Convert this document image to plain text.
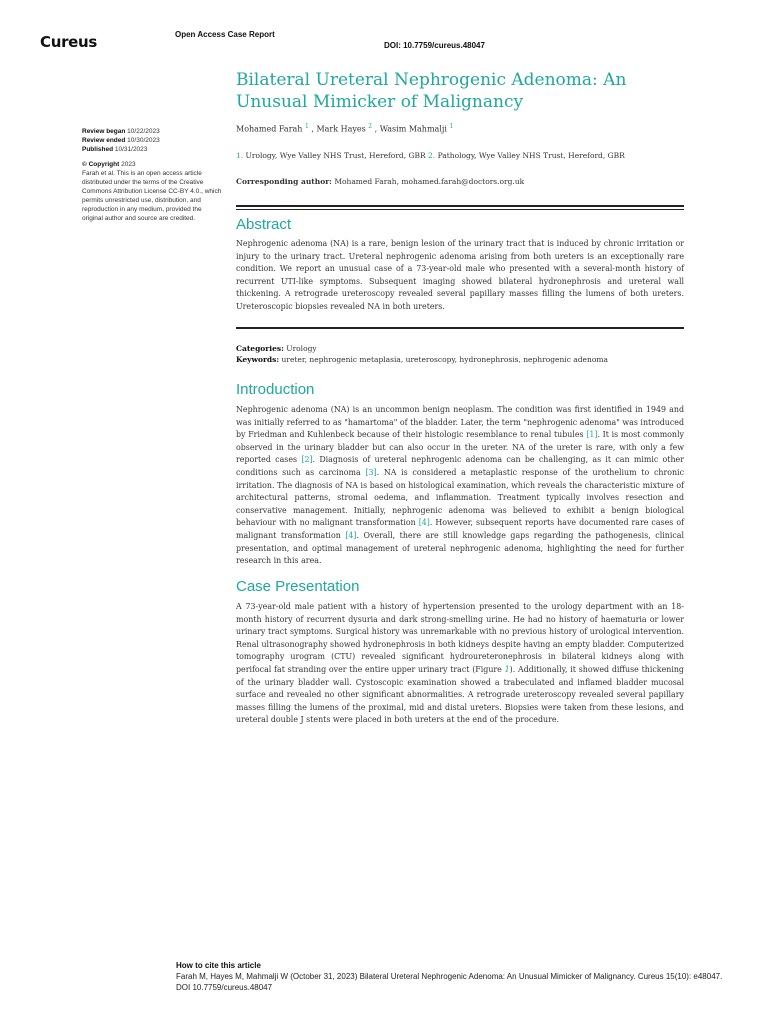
Cureus	Open Access Case Report
DOI: 10.7759/cureus.48047
Bilateral Ureteral Nephrogenic Adenoma: An Unusual Mimicker of Malignancy
Mohamed Farah $^1$ , Mark Hayes $^2$ , Wasim Mahmalji $^1$
1. Urology, Wye Valley NHS Trust, Hereford, GBR 2. Pathology, Wye Valley NHS Trust, Hereford, GBR
Corresponding author: Mohamed Farah, mohamed.farah@doctors.org.uk
Review began 10/22/2023
Review ended 10/30/2023
Published 10/31/2023
© Copyright 2023
Farah et al. This is an open access article distributed under the terms of the Creative Commons Attribution License CC-BY 4.0., which permits unrestricted use, distribution, and reproduction in any medium, provided the original author and source are credited.	Abstract

Nephrogenic adenoma (NA) is a rare, benign lesion of the urinary tract that is induced by chronic irritation or injury to the urinary tract. Ureteral nephrogenic adenoma arising from both ureters is an exceptionally rare condition. We report an unusual case of a 73-year-old male who presented with a several-month history of recurrent UTI-like symptoms. Subsequent imaging showed bilateral hydronephrosis and ureteral wall thickening. A retrograde ureteroscopy revealed several papillary masses filling the lumens of both ureters. Ureteroscopic biopsies revealed NA in both ureters.

Categories: Urology
Keywords: ureter, nephrogenic metaplasia, ureteroscopy, hydronephrosis, nephrogenic adenoma
Introduction

Nephrogenic adenoma (NA) is an uncommon benign neoplasm. The condition was first identified in 1949 and was initially referred to as "hamartoma" of the bladder. Later, the term "nephrogenic adenoma" was introduced by Friedman and Kuhlenbeck because of their histologic resemblance to renal tubules [1]. It is most commonly observed in the urinary bladder but can also occur in the ureter. NA of the ureter is rare, with only a few reported cases [2]. Diagnosis of ureteral nephrogenic adenoma can be challenging, as it can mimic other conditions such as carcinoma [3]. NA is considered a metaplastic response of the urothelium to chronic irritation. The diagnosis of NA is based on histological examination, which reveals the characteristic mixture of architectural patterns, stromal oedema, and inflammation. Treatment typically involves resection and conservative management. Initially, nephrogenic adenoma was believed to exhibit a benign biological behaviour with no malignant transformation [4]. However, subsequent reports have documented rare cases of malignant transformation [4]. Overall, there are still knowledge gaps regarding the pathogenesis, clinical presentation, and optimal management of ureteral nephrogenic adenoma, highlighting the need for further research in this area.

Case Presentation

A 73-year-old male patient with a history of hypertension presented to the urology department with an 18-month history of recurrent dysuria and dark strong-smelling urine. He had no history of haematuria or lower urinary tract symptoms. Surgical history was unremarkable with no previous history of urological intervention. Renal ultrasonography showed hydronephrosis in both kidneys despite having an empty bladder. Computerized tomography urogram (CTU) revealed significant hydroureteronephrosis in bilateral kidneys along with perifocal fat stranding over the entire upper urinary tract (Figure 1). Additionally, it showed diffuse thickening of the urinary bladder wall. Cystoscopic examination showed a trabeculated and inflamed bladder mucosal surface and revealed no other significant abnormalities. A retrograde ureteroscopy revealed several papillary masses filling the lumens of the proximal, mid and distal ureters. Biopsies were taken from these lesions, and ureteral double J stents were placed in both ureters at the end of the procedure.

How to cite this article
Farah M, Hayes M, Mahmalji W (October 31, 2023) Bilateral Ureteral Nephrogenic Adenoma: An Unusual Mimicker of Malignancy. Cureus 15(10): e48047. DOI 10.7759/cureus.48047
